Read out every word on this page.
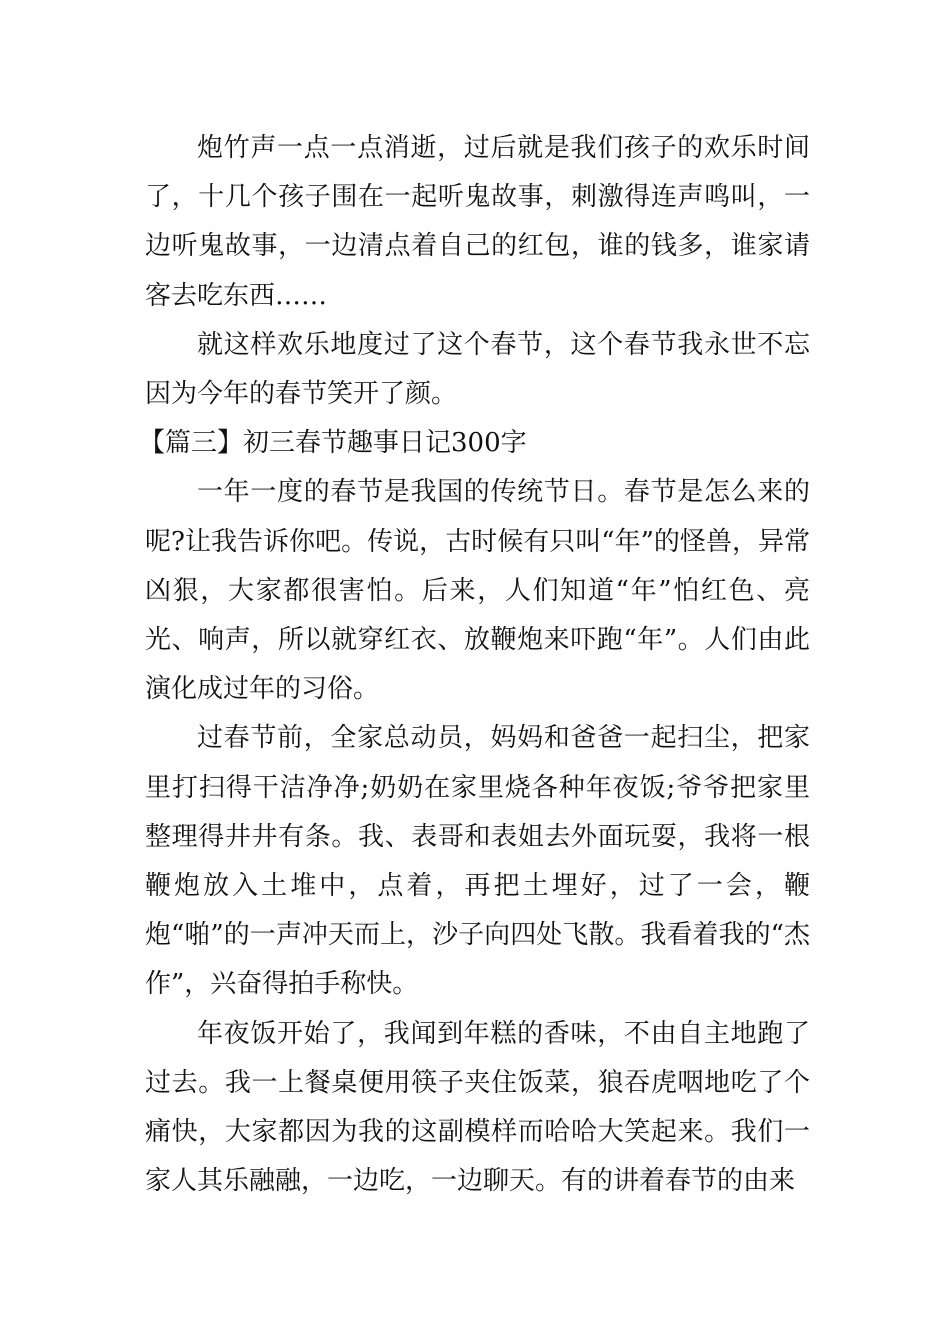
炮竹声一点一点消逝，过后就是我们孩子的欢乐时间了，十几个孩子围在一起听鬼故事，刺激得连声鸣叫，一边听鬼故事，一边清点着自己的红包，谁的钱多，谁家请客去吃东西……

就这样欢乐地度过了这个春节，这个春节我永世不忘因为今年的春节笑开了颜。

【篇三】初三春节趣事日记300字

一年一度的春节是我国的传统节日。春节是怎么来的呢?让我告诉你吧。传说，古时候有只叫“年”的怪兽，异常凶狠，大家都很害怕。后来，人们知道“年”怕红色、亮光、响声，所以就穿红衣、放鞭炮来吓跑“年”。人们由此演化成过年的习俗。

过春节前，全家总动员，妈妈和爸爸一起扫尘，把家里打扫得干洁净净;奶奶在家里烧各种年夜饭;爷爷把家里整理得井井有条。我、表哥和表姐去外面玩耍，我将一根鞭炮放入土堆中，点着，再把土埋好，过了一会，鞭炮“啪”的一声冲天而上，沙子向四处飞散。我看着我的“杰作”，兴奋得拍手称快。

年夜饭开始了，我闻到年糕的香味，不由自主地跑了过去。我一上餐桌便用筷子夹住饭菜，狼吞虎咽地吃了个痛快，大家都因为我的这副模样而哈哈大笑起来。我们一家人其乐融融，一边吃，一边聊天。有的讲着春节的由来
